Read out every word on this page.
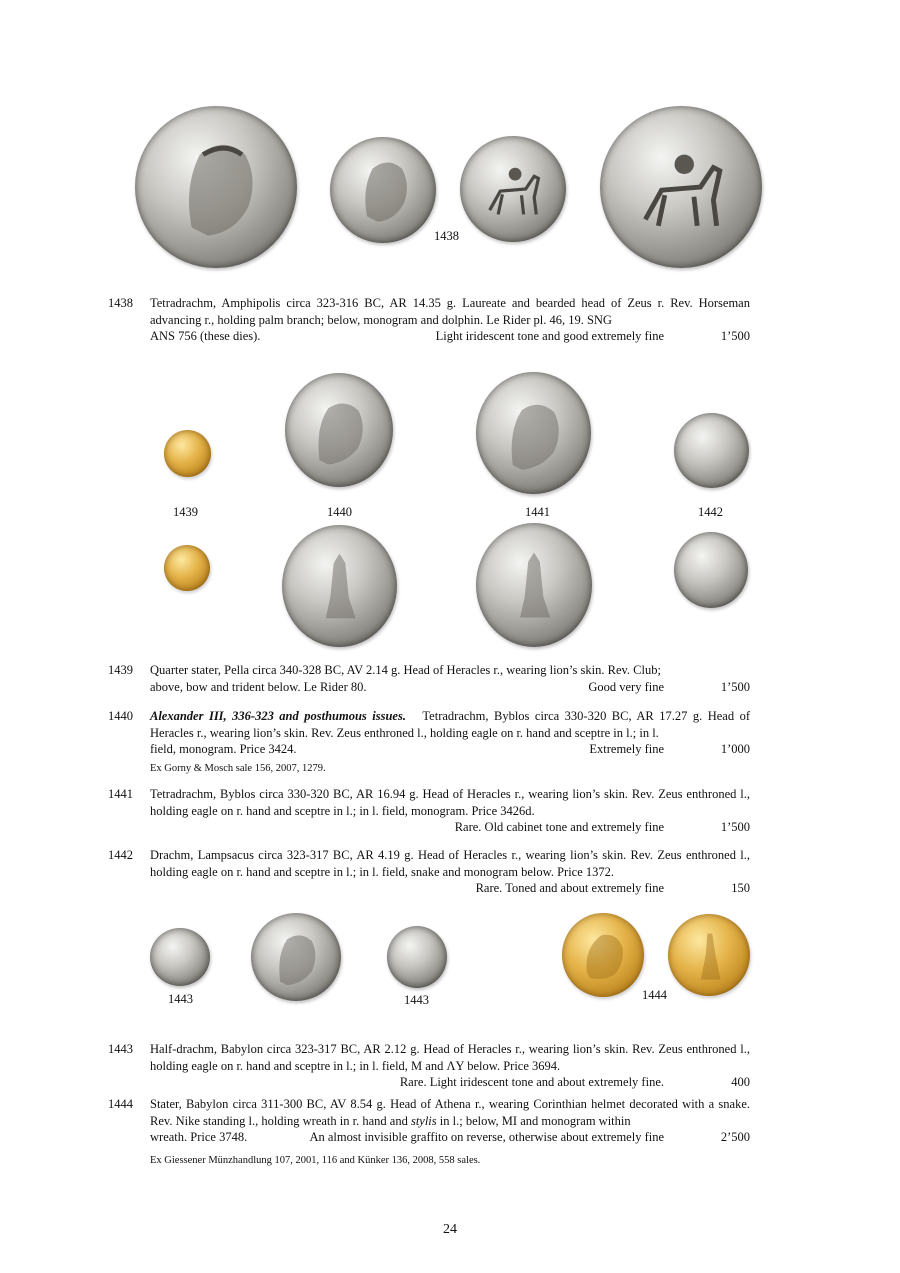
1438
1438 Tetradrachm, Amphipolis circa 323-316 BC, AR 14.35 g. Laureate and bearded head of Zeus r. Rev. Horseman advancing r., holding palm branch; below, monogram and dolphin. Le Rider pl. 46, 19. SNG
ANS 756 (these dies).	Light iridescent tone and good extremely fine	1’500
1439	1440	1441	1442
1439 Quarter stater, Pella circa 340-328 BC, AV 2.14 g. Head of Heracles r., wearing lion’s skin. Rev. Club;
above, bow and trident below. Le Rider 80.	Good very fine	1’500
1440 Alexander III, 336-323 and posthumous issues. Tetradrachm, Byblos circa 330-320 BC, AR 17.27 g. Head of Heracles r., wearing lion’s skin. Rev. Zeus enthroned l., holding eagle on r. hand and sceptre in l.; in l.
field, monogram. Price 3424.	Extremely fine	1’000
Ex Gorny & Mosch sale 156, 2007, 1279.
1441 Tetradrachm, Byblos circa 330-320 BC, AR 16.94 g. Head of Heracles r., wearing lion’s skin. Rev. Zeus enthroned l., holding eagle on r. hand and sceptre in l.; in l. field, monogram. Price 3426d.
Rare. Old cabinet tone and extremely fine	1’500
1442 Drachm, Lampsacus circa 323-317 BC, AR 4.19 g. Head of Heracles r., wearing lion’s skin. Rev. Zeus enthroned l., holding eagle on r. hand and sceptre in l.; in l. field, snake and monogram below. Price 1372.
Rare. Toned and about extremely fine	150
1443	1443	1444
1443 Half-drachm, Babylon circa 323-317 BC, AR 2.12 g. Head of Heracles r., wearing lion’s skin. Rev. Zeus enthroned l., holding eagle on r. hand and sceptre in l.; in l. field, M and ΛY below. Price 3694.
Rare. Light iridescent tone and about extremely fine.	400
1444 Stater, Babylon circa 311-300 BC, AV 8.54 g. Head of Athena r., wearing Corinthian helmet decorated with a snake. Rev. Nike standing l., holding wreath in r. hand and stylis in l.; below, MI and monogram within
wreath. Price 3748.	An almost invisible graffito on reverse, otherwise about extremely fine	2’500
Ex Giessener Münzhandlung 107, 2001, 116 and Künker 136, 2008, 558 sales.
24
